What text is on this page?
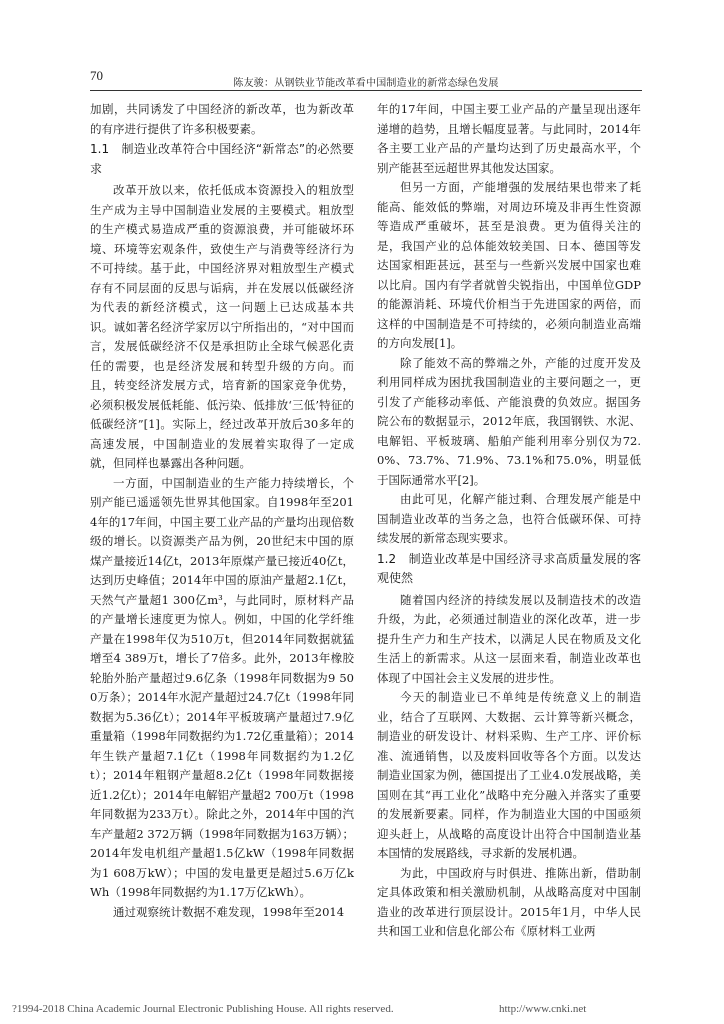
70
陈友骏：从钢铁业节能改革看中国制造业的新常态绿色发展

加剧，共同诱发了中国经济的新改革，也为新改革的有序进行提供了许多积极要素。

1.1　制造业改革符合中国经济“新常态”的必然要求

改革开放以来，依托低成本资源投入的粗放型生产成为主导中国制造业发展的主要模式。粗放型的生产模式易造成严重的资源浪费，并可能破坏环境、环境等宏观条件，致使生产与消费等经济行为不可持续。基于此，中国经济界对粗放型生产模式存有不同层面的反思与诟病，并在发展以低碳经济为代表的新经济模式，这一问题上已达成基本共识。诚如著名经济学家厉以宁所指出的，“对中国而言，发展低碳经济不仅是承担防止全球气候恶化责任的需要，也是经济发展和转型升级的方向。而且，转变经济发展方式，培育新的国家竞争优势，必须积极发展低耗能、低污染、低排放‘三低’特征的低碳经济”[1]。实际上，经过改革开放后30多年的高速发展，中国制造业的发展着实取得了一定成就，但同样也暴露出各种问题。

一方面，中国制造业的生产能力持续增长，个别产能已遥遥领先世界其他国家。自1998年至2014年的17年间，中国主要工业产品的产量均出现倍数级的增长。以资源类产品为例，20世纪末中国的原煤产量接近14亿t，2013年原煤产量已接近40亿t，达到历史峰值；2014年中国的原油产量超2.1亿t，天然气产量超1 300亿m³，与此同时，原材料产品的产量增长速度更为惊人。例如，中国的化学纤维产量在1998年仅为510万t，但2014年同数据就猛增至4 389万t，增长了7倍多。此外，2013年橡胶轮胎外胎产量超过9.6亿条（1998年同数据为9 500万条）；2014年水泥产量超过24.7亿t（1998年同数据为5.36亿t）；2014年平板玻璃产量超过7.9亿重量箱（1998年同数据约为1.72亿重量箱）；2014年生铁产量超7.1亿t（1998年同数据约为1.2亿t）；2014年粗钢产量超8.2亿t（1998年同数据接近1.2亿t）；2014年电解铝产量超2 700万t（1998年同数据为233万t）。除此之外，2014年中国的汽车产量超2 372万辆（1998年同数据为163万辆）；2014年发电机组产量超1.5亿kW（1998年同数据为1 608万kW）；中国的发电量更是超过5.6万亿kWh（1998年同数据约为1.17万亿kWh）。

通过观察统计数据不难发现，1998年至2014

年的17年间，中国主要工业产品的产量呈现出逐年递增的趋势，且增长幅度显著。与此同时，2014年各主要工业产品的产量均达到了历史最高水平，个别产能甚至远超世界其他发达国家。

但另一方面，产能增强的发展结果也带来了耗能高、能效低的弊端，对周边环境及非再生性资源等造成严重破坏，甚至是浪费。更为值得关注的是，我国产业的总体能效较美国、日本、德国等发达国家相距甚远，甚至与一些新兴发展中国家也难以比肩。国内有学者就曾尖锐指出，中国单位GDP的能源消耗、环境代价相当于先进国家的两倍，而这样的中国制造是不可持续的，必须向制造业高端的方向发展[1]。

除了能效不高的弊端之外，产能的过度开发及利用同样成为困扰我国制造业的主要问题之一，更引发了产能移动率低、产能浪费的负效应。据国务院公布的数据显示，2012年底，我国钢铁、水泥、电解铝、平板玻璃、船舶产能利用率分别仅为72.0%、73.7%、71.9%、73.1%和75.0%，明显低于国际通常水平[2]。

由此可见，化解产能过剩、合理发展产能是中国制造业改革的当务之急，也符合低碳环保、可持续发展的新常态现实要求。

1.2　制造业改革是中国经济寻求高质量发展的客观使然

随着国内经济的持续发展以及制造技术的改造升级，为此，必须通过制造业的深化改革，进一步提升生产力和生产技术，以满足人民在物质及文化生活上的新需求。从这一层面来看，制造业改革也体现了中国社会主义发展的进步性。

今天的制造业已不单纯是传统意义上的制造业，结合了互联网、大数据、云计算等新兴概念，制造业的研发设计、材料采购、生产工序、评价标准、流通销售，以及废料回收等各个方面。以发达制造业国家为例，德国提出了工业4.0发展战略，美国则在其“再工业化”战略中充分融入并落实了重要的发展新要素。同样，作为制造业大国的中国亟须迎头赶上，从战略的高度设计出符合中国制造业基本国情的发展路线，寻求新的发展机遇。

为此，中国政府与时俱进、推陈出新，借助制定具体政策和相关激励机制，从战略高度对中国制造业的改革进行顶层设计。2015年1月，中华人民共和国工业和信息化部公布《原材料工业两

?1994-2018 China Academic Journal Electronic Publishing House. All rights reserved.	http://www.cnki.net
